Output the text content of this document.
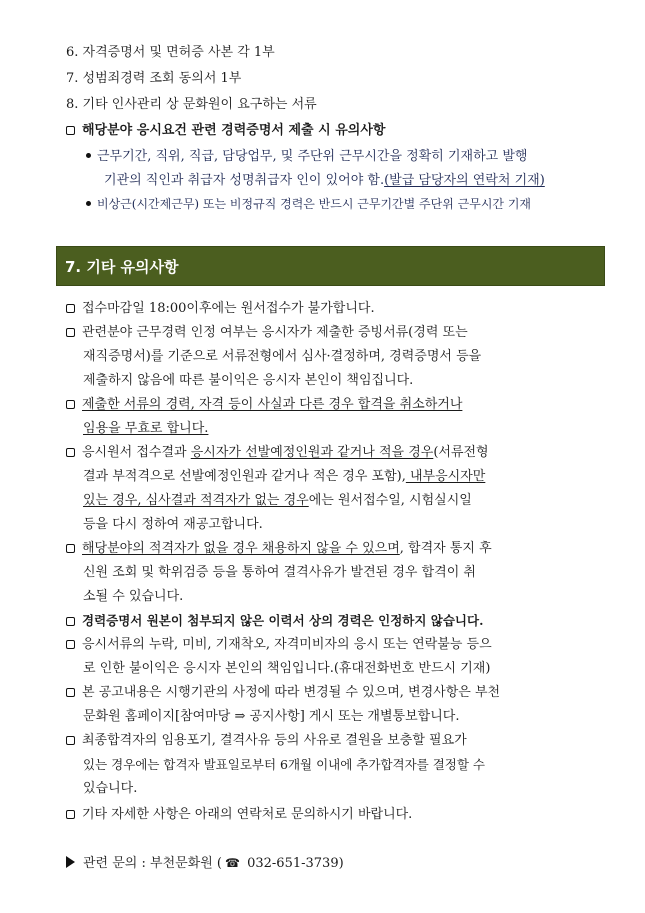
6. 자격증명서 및 면허증 사본 각 1부
7. 성범죄경력 조회 동의서 1부
8. 기타 인사관리 상 문화원이 요구하는 서류
해당분야 응시요건 관련 경력증명서 제출 시 유의사항
근무기간, 직위, 직급, 담당업무, 및 주단위 근무시간을 정확히 기재하고 발행
기관의 직인과 취급자 성명취급자 인이 있어야 함.(발급 담당자의 연락처 기재)
비상근(시간제근무) 또는 비정규직 경력은 반드시 근무기간별 주단위 근무시간 기재
7. 기타 유의사항
접수마감일 18:00이후에는 원서접수가 불가합니다.
관련분야 근무경력 인정 여부는 응시자가 제출한 증빙서류(경력 또는
재직증명서)를 기준으로 서류전형에서 심사·결정하며, 경력증명서 등을
제출하지 않음에 따른 불이익은 응시자 본인이 책임집니다.
제출한 서류의 경력, 자격 등이 사실과 다른 경우 합격을 취소하거나
임용을 무효로 합니다.
응시원서 접수결과 응시자가 선발예정인원과 같거나 적을 경우(서류전형
결과 부적격으로 선발예정인원과 같거나 적은 경우 포함), 내부응시자만
있는 경우, 심사결과 적격자가 없는 경우에는 원서접수일, 시험실시일
등을 다시 정하여 재공고합니다.
해당분야의 적격자가 없을 경우 채용하지 않을 수 있으며, 합격자 통지 후
신원 조회 및 학위검증 등을 통하여 결격사유가 발견된 경우 합격이 취
소될 수 있습니다.
경력증명서 원본이 첨부되지 않은 이력서 상의 경력은 인정하지 않습니다.
응시서류의 누락, 미비, 기재착오, 자격미비자의 응시 또는 연락불능 등으
로 인한 불이익은 응시자 본인의 책임입니다.(휴대전화번호 반드시 기재)
본 공고내용은 시행기관의 사정에 따라 변경될 수 있으며, 변경사항은 부천
문화원 홈페이지[참여마당 ⇒ 공지사항] 게시 또는 개별통보합니다.
최종합격자의 임용포기, 결격사유 등의 사유로 결원을 보충할 필요가
있는 경우에는 합격자 발표일로부터 6개월 이내에 추가합격자를 결정할 수
있습니다.
기타 자세한 사항은 아래의 연락처로 문의하시기 바랍니다.
관련 문의 : 부천문화원 ( ☎ 032-651-3739)
